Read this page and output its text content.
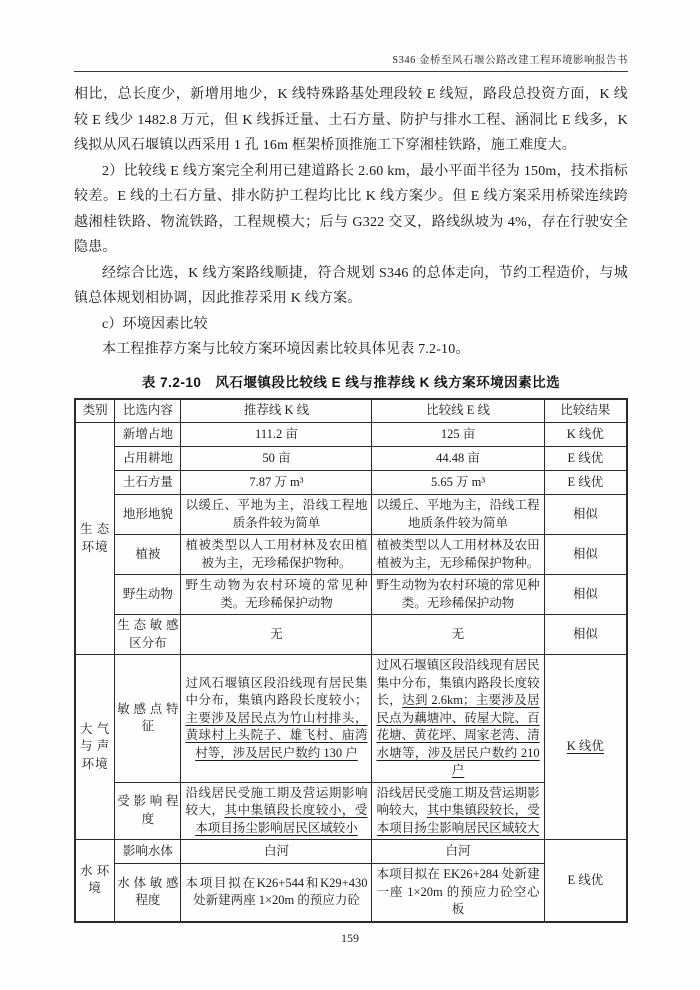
S346 金桥至风石堰公路改建工程环境影响报告书

相比，总长度少，新增用地少，K 线特殊路基处理段较 E 线短，路段总投资方面，K 线较 E 线少 1482.8 万元，但 K 线拆迁量、土石方量、防护与排水工程、涵洞比 E 线多，K 线拟从风石堰镇以西采用 1 孔 16m 框架桥顶推施工下穿湘桂铁路，施工难度大。

2）比较线 E 线方案完全利用已建道路长 2.60 km，最小平面半径为 150m，技术指标较差。E 线的土石方量、排水防护工程均比比 K 线方案少。但 E 线方案采用桥梁连续跨越湘桂铁路、物流铁路，工程规模大；后与 G322 交叉，路线纵坡为 4%，存在行驶安全隐患。

经综合比选，K 线方案路线顺捷，符合规划 S346 的总体走向，节约工程造价，与城镇总体规划相协调，因此推荐采用 K 线方案。

c）环境因素比较

本工程推荐方案与比较方案环境因素比较具体见表 7.2-10。

表 7.2-10　风石堰镇段比较线 E 线与推荐线 K 线方案环境因素比选
类别	比选内容	推荐线 K 线	比较线 E 线	比较结果
生态环境	新增占地	111.2 亩	125 亩	K 线优
	占用耕地	50 亩	44.48 亩	E 线优
	土石方量	7.87 万 m³	5.65 万 m³	E 线优
	地形地貌	以缓丘、平地为主，沿线工程地质条件较为简单	以缓丘、平地为主，沿线工程地质条件较为简单	相似
	植被	植被类型以人工用材林及农田植被为主，无珍稀保护物种。	植被类型以人工用材林及农田植被为主，无珍稀保护物种。	相似
	野生动物	野生动物为农村环境的常见种类。无珍稀保护动物	野生动物为农村环境的常见种类。无珍稀保护动物	相似
	生态敏感区分布	无	无	相似
大气与声环境	敏感点特征	过风石堰镇区段沿线现有居民集中分布，集镇内路段长度较小；主要涉及居民点为竹山村排头，黄球村上头院子、雄飞村、庙湾村等，涉及居民户数约 130 户	过风石堰镇区段沿线现有居民集中分布，集镇内路段长度较长，达到 2.6km；主要涉及居民点为藕塘冲、砖屋大院、百花塘、黄花坪、周家老湾、清水塘等，涉及居民户数约 210 户	K 线优
	受影响程度	沿线居民受施工期及营运期影响较大，其中集镇段长度较小，受本项目扬尘影响居民区域较小	沿线居民受施工期及营运期影响较大，其中集镇段较长，受本项目扬尘影响居民区域较大	
水环境	影响水体	白河	白河	E 线优
	水体敏感程度	本项目拟在K26+544和K29+430处新建两座 1×20m 的预应力砼	本项目拟在 EK26+284 处新建一座 1×20m 的预应力砼空心板	
159
